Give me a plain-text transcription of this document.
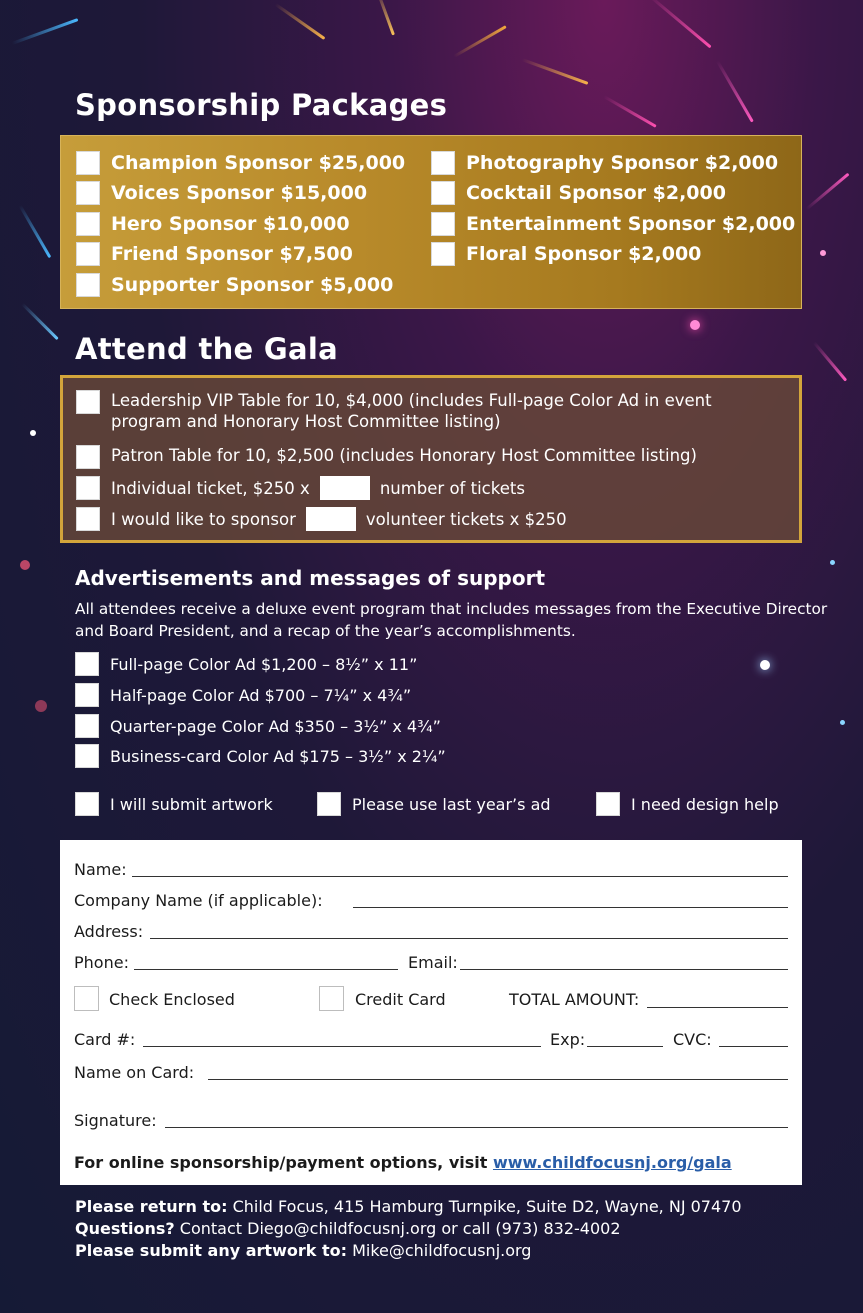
Sponsorship Packages
Champion Sponsor $25,000
Voices Sponsor $15,000
Hero Sponsor $10,000
Friend Sponsor $7,500
Supporter Sponsor $5,000
Photography Sponsor $2,000
Cocktail Sponsor $2,000
Entertainment Sponsor $2,000
Floral Sponsor $2,000
Attend the Gala
Leadership VIP Table for 10, $4,000 (includes Full-page Color Ad in event
program and Honorary Host Committee listing)
Patron Table for 10, $2,500 (includes Honorary Host Committee listing)
Individual ticket, $250 x	number of tickets
I would like to sponsor	volunteer tickets x $250
Advertisements and messages of support
All attendees receive a deluxe event program that includes messages from the Executive Director and Board President, and a recap of the year’s accomplishments.
Full-page Color Ad $1,200 – 8½” x 11”
Half-page Color Ad $700 – 7¼” x 4¾”
Quarter-page Color Ad $350 – 3½” x 4¾”
Business-card Color Ad $175 – 3½” x 2¼”
I will submit artwork	Please use last year’s ad	I need design help
Name:
Company Name (if applicable):
Address:
Phone:	Email:
Check Enclosed	Credit Card	TOTAL AMOUNT:
Card #:	Exp:	CVC:
Name on Card:
Signature:
For online sponsorship/payment options, visit www.childfocusnj.org/gala
Please return to: Child Focus, 415 Hamburg Turnpike, Suite D2, Wayne, NJ 07470
Questions? Contact Diego@childfocusnj.org or call (973) 832-4002
Please submit any artwork to: Mike@childfocusnj.org
